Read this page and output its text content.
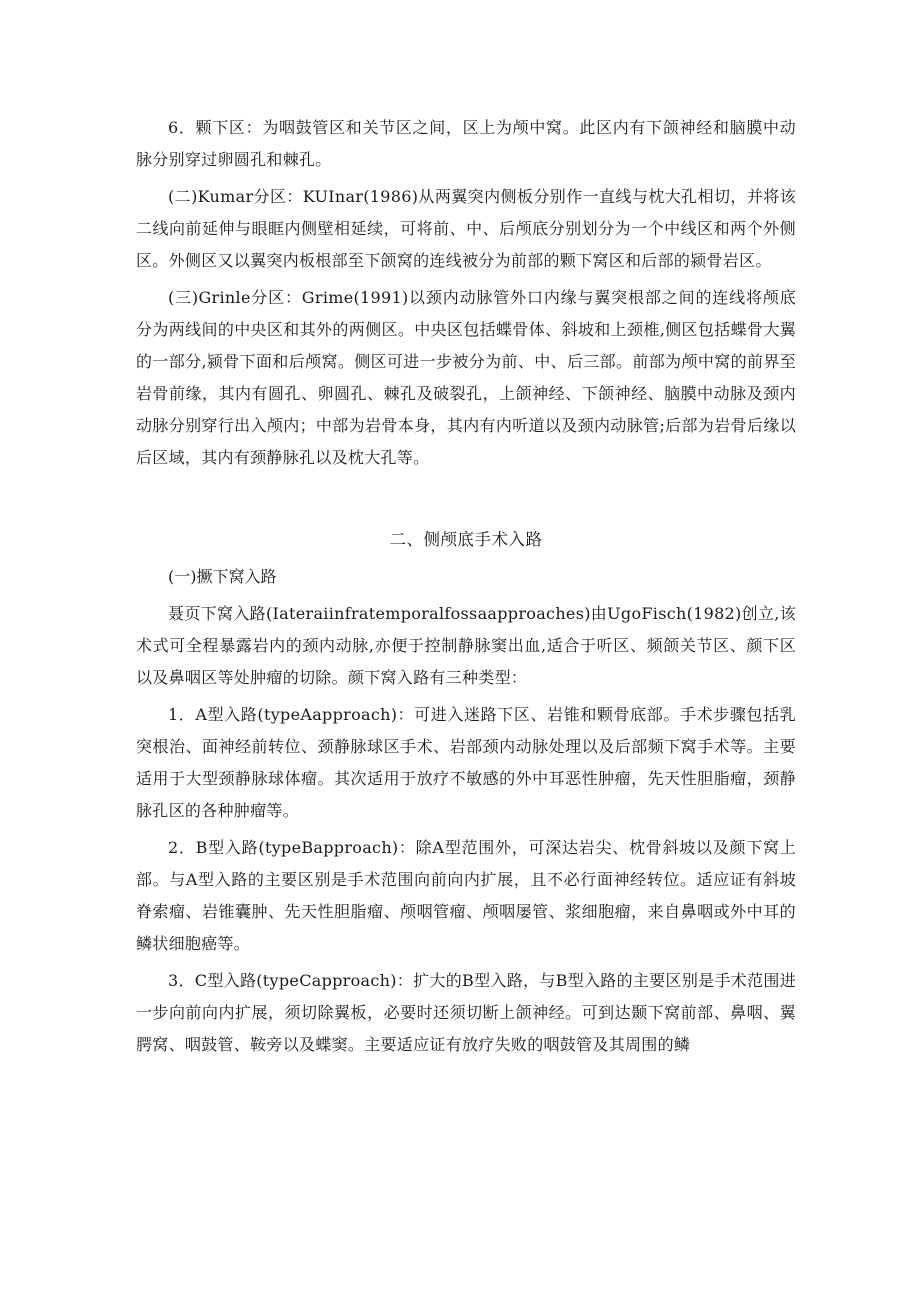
6．颗下区：为咽鼓管区和关节区之间，区上为颅中窝。此区内有下颌神经和脑膜中动脉分别穿过卵圆孔和棘孔。

(二)Kumar分区：KUInar(1986)从两翼突内侧板分别作一直线与枕大孔相切，并将该二线向前延伸与眼眶内侧壁相延续，可将前、中、后颅底分别划分为一个中线区和两个外侧区。外侧区又以翼突内板根部至下颌窝的连线被分为前部的颗下窝区和后部的颍骨岩区。

(三)Grinle分区：Grime(1991)以颈内动脉管外口内缘与翼突根部之间的连线将颅底分为两线间的中央区和其外的两侧区。中央区包括蝶骨体、斜坡和上颈椎,侧区包括蝶骨大翼的一部分,颍骨下面和后颅窝。侧区可进一步被分为前、中、后三部。前部为颅中窝的前界至岩骨前缘，其内有圆孔、卵圆孔、棘孔及破裂孔，上颌神经、下颌神经、脑膜中动脉及颈内动脉分别穿行出入颅内；中部为岩骨本身，其内有内听道以及颈内动脉管;后部为岩骨后缘以后区域，其内有颈静脉孔以及枕大孔等。

二、侧颅底手术入路
(一)撅下窝入路

聂页下窝入路(Iateraiinfratemporalfossaapproaches)由UgoFisch(1982)创立,该术式可全程暴露岩内的颈内动脉,亦便于控制静脉窦出血,适合于听区、频颌关节区、颜下区以及鼻咽区等处肿瘤的切除。颜下窝入路有三种类型：

1．A型入路(typeAapproach)：可进入迷路下区、岩锥和颗骨底部。手术步骤包括乳突根治、面神经前转位、颈静脉球区手术、岩部颈内动脉处理以及后部频下窝手术等。主要适用于大型颈静脉球体瘤。其次适用于放疗不敏感的外中耳恶性肿瘤，先天性胆脂瘤，颈静脉孔区的各种肿瘤等。

2．B型入路(typeBapproach)：除A型范围外，可深达岩尖、枕骨斜坡以及颜下窝上部。与A型入路的主要区别是手术范围向前向内扩展，且不必行面神经转位。适应证有斜坡脊索瘤、岩锥囊肿、先天性胆脂瘤、颅咽管瘤、颅咽屡管、浆细胞瘤，来自鼻咽或外中耳的鳞状细胞癌等。

3．C型入路(typeCapproach)：扩大的B型入路，与B型入路的主要区别是手术范围进一步向前向内扩展，须切除翼板，必要时还须切断上颌神经。可到达颞下窝前部、鼻咽、翼腭窝、咽鼓管、鞍旁以及蝶窦。主要适应证有放疗失败的咽鼓管及其周围的鳞
